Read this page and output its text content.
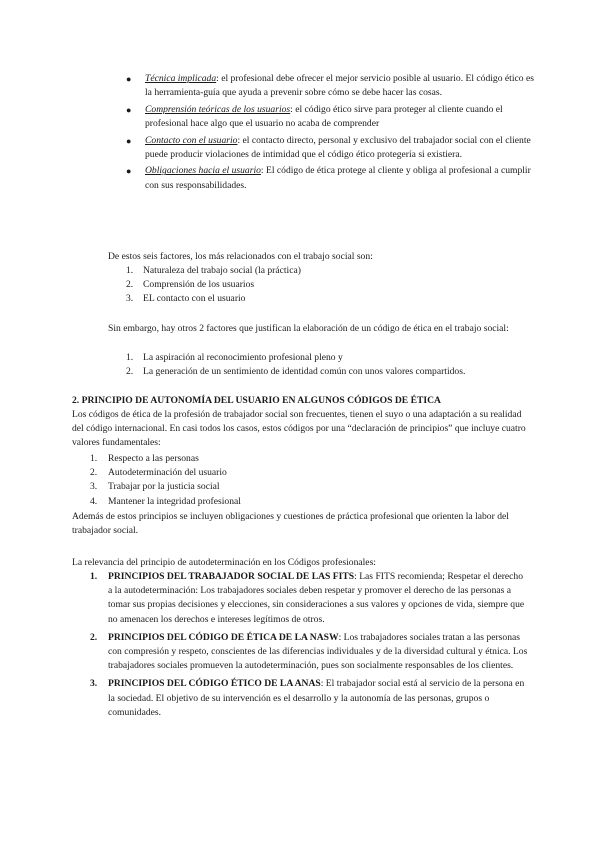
● Técnica implicada: el profesional debe ofrecer el mejor servicio posible al usuario. El código ético es la herramienta-guía que ayuda a prevenir sobre cómo se debe hacer las cosas.
● Comprensión teóricas de los usuarios: el código ético sirve para proteger al cliente cuando el profesional hace algo que el usuario no acaba de comprender
● Contacto con el usuario: el contacto directo, personal y exclusivo del trabajador social con el cliente puede producir violaciones de intimidad que el código ético protegería si existiera.
● Obligaciones hacia el usuario: El código de ética protege al cliente y obliga al profesional a cumplir con sus responsabilidades.

De estos seis factores, los más relacionados con el trabajo social son:

1. Naturaleza del trabajo social (la práctica)
2. Comprensión de los usuarios
3. EL contacto con el usuario

Sin embargo, hay otros 2 factores que justifican la elaboración de un código de ética en el trabajo social:

1. La aspiración al reconocimiento profesional pleno y
2. La generación de un sentimiento de identidad común con unos valores compartidos.

2. PRINCIPIO DE AUTONOMÍA DEL USUARIO EN ALGUNOS CÓDIGOS DE ÉTICA

Los códigos de ética de la profesión de trabajador social son frecuentes, tienen el suyo o una adaptación a su realidad del código internacional. En casi todos los casos, estos códigos por una “declaración de principios” que incluye cuatro valores fundamentales:

1. Respecto a las personas
2. Autodeterminación del usuario
3. Trabajar por la justicia social
4. Mantener la integridad profesional

Además de estos principios se incluyen obligaciones y cuestiones de práctica profesional que orienten la labor del trabajador social.

La relevancia del principio de autodeterminación en los Códigos profesionales:

1. PRINCIPIOS DEL TRABAJADOR SOCIAL DE LAS FITS: Las FITS recomienda; Respetar el derecho a la autodeterminación: Los trabajadores sociales deben respetar y promover el derecho de las personas a tomar sus propias decisiones y elecciones, sin consideraciones a sus valores y opciones de vida, siempre que no amenacen los derechos e intereses legítimos de otros.
2. PRINCIPIOS DEL CÓDIGO DE ÉTICA DE LA NASW: Los trabajadores sociales tratan a las personas con compresión y respeto, conscientes de las diferencias individuales y de la diversidad cultural y étnica. Los trabajadores sociales promueven la autodeterminación, pues son socialmente responsables de los clientes.
3. PRINCIPIOS DEL CÓDIGO ÉTICO DE LA ANAS: El trabajador social está al servicio de la persona en la sociedad. El objetivo de su intervención es el desarrollo y la autonomía de las personas, grupos o comunidades.
